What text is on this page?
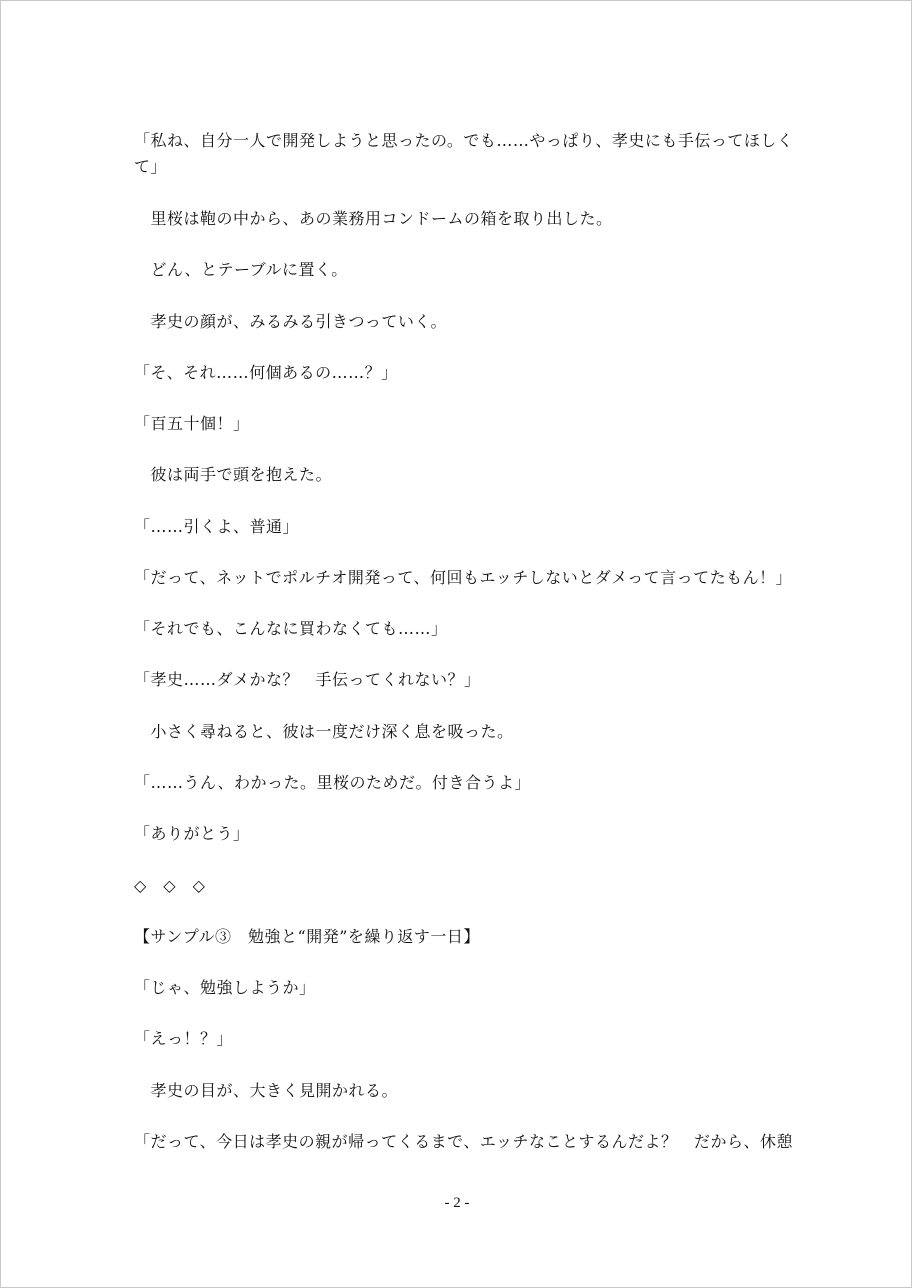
「私ね、自分一人で開発しようと思ったの。でも……やっぱり、孝史にも手伝ってほしくて」
　里桜は鞄の中から、あの業務用コンドームの箱を取り出した。
　どん、とテーブルに置く。
　孝史の顔が、みるみる引きつっていく。
「そ、それ……何個あるの……？」
「百五十個！」
　彼は両手で頭を抱えた。
「……引くよ、普通」
「だって、ネットでポルチオ開発って、何回もエッチしないとダメって言ってたもん！」
「それでも、こんなに買わなくても……」
「孝史……ダメかな？　手伝ってくれない？」
　小さく尋ねると、彼は一度だけ深く息を吸った。
「……うん、わかった。里桜のためだ。付き合うよ」
「ありがとう」
◇　◇　◇
【サンプル③　勉強と“開発”を繰り返す一日】
「じゃ、勉強しようか」
「えっ！？」
　孝史の目が、大きく見開かれる。
「だって、今日は孝史の親が帰ってくるまで、エッチなことするんだよ？　だから、休憩
- 2 -
